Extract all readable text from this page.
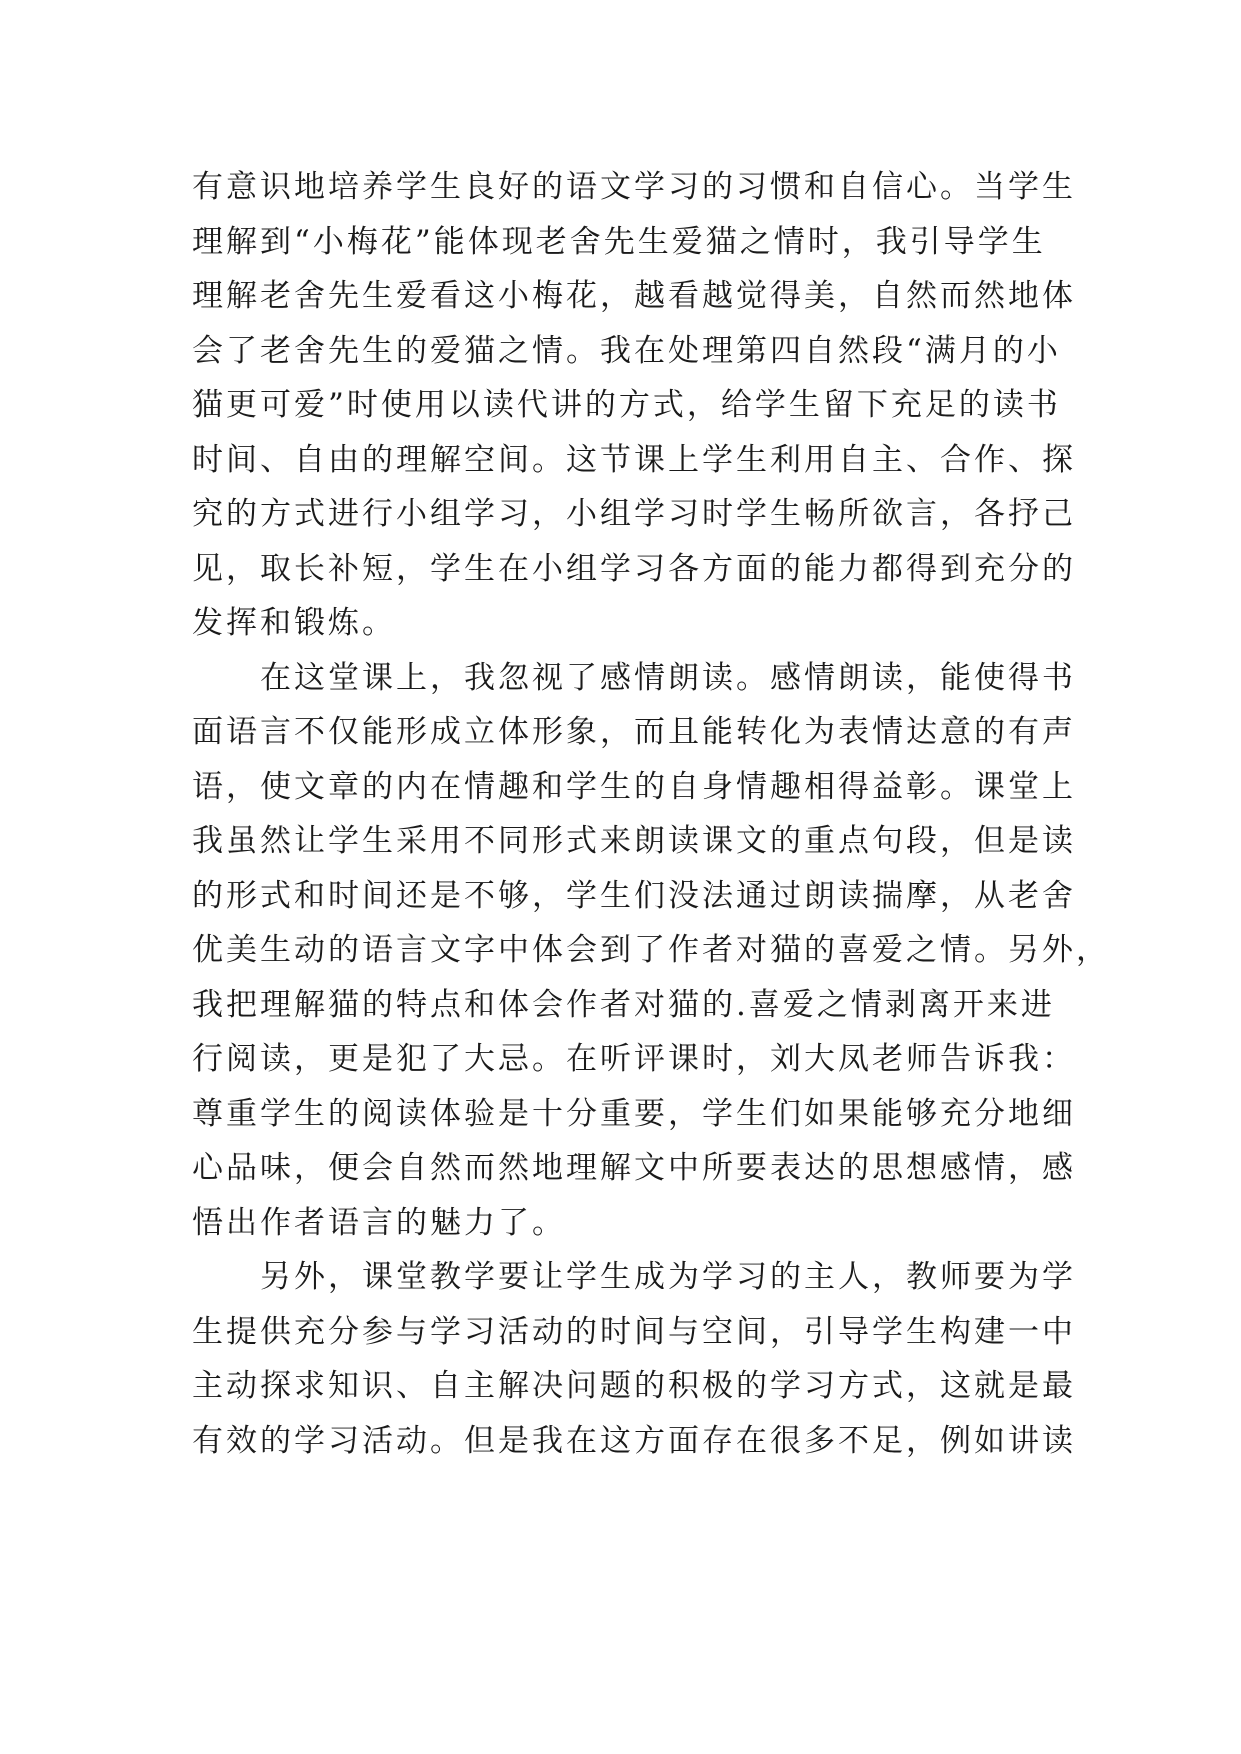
有意识地培养学生良好的语文学习的习惯和自信心。当学生
理解到“小梅花”能体现老舍先生爱猫之情时，我引导学生
理解老舍先生爱看这小梅花，越看越觉得美，自然而然地体
会了老舍先生的爱猫之情。我在处理第四自然段“满月的小
猫更可爱”时使用以读代讲的方式，给学生留下充足的读书
时间、自由的理解空间。这节课上学生利用自主、合作、探
究的方式进行小组学习，小组学习时学生畅所欲言，各抒己
见，取长补短，学生在小组学习各方面的能力都得到充分的
发挥和锻炼。
在这堂课上，我忽视了感情朗读。感情朗读，能使得书
面语言不仅能形成立体形象，而且能转化为表情达意的有声
语，使文章的内在情趣和学生的自身情趣相得益彰。课堂上
我虽然让学生采用不同形式来朗读课文的重点句段，但是读
的形式和时间还是不够，学生们没法通过朗读揣摩，从老舍
优美生动的语言文字中体会到了作者对猫的喜爱之情。另外，
我把理解猫的特点和体会作者对猫的.喜爱之情剥离开来进
行阅读，更是犯了大忌。在听评课时，刘大凤老师告诉我：
尊重学生的阅读体验是十分重要，学生们如果能够充分地细
心品味，便会自然而然地理解文中所要表达的思想感情，感
悟出作者语言的魅力了。
另外，课堂教学要让学生成为学习的主人，教师要为学
生提供充分参与学习活动的时间与空间，引导学生构建一中
主动探求知识、自主解决问题的积极的学习方式，这就是最
有效的学习活动。但是我在这方面存在很多不足，例如讲读
